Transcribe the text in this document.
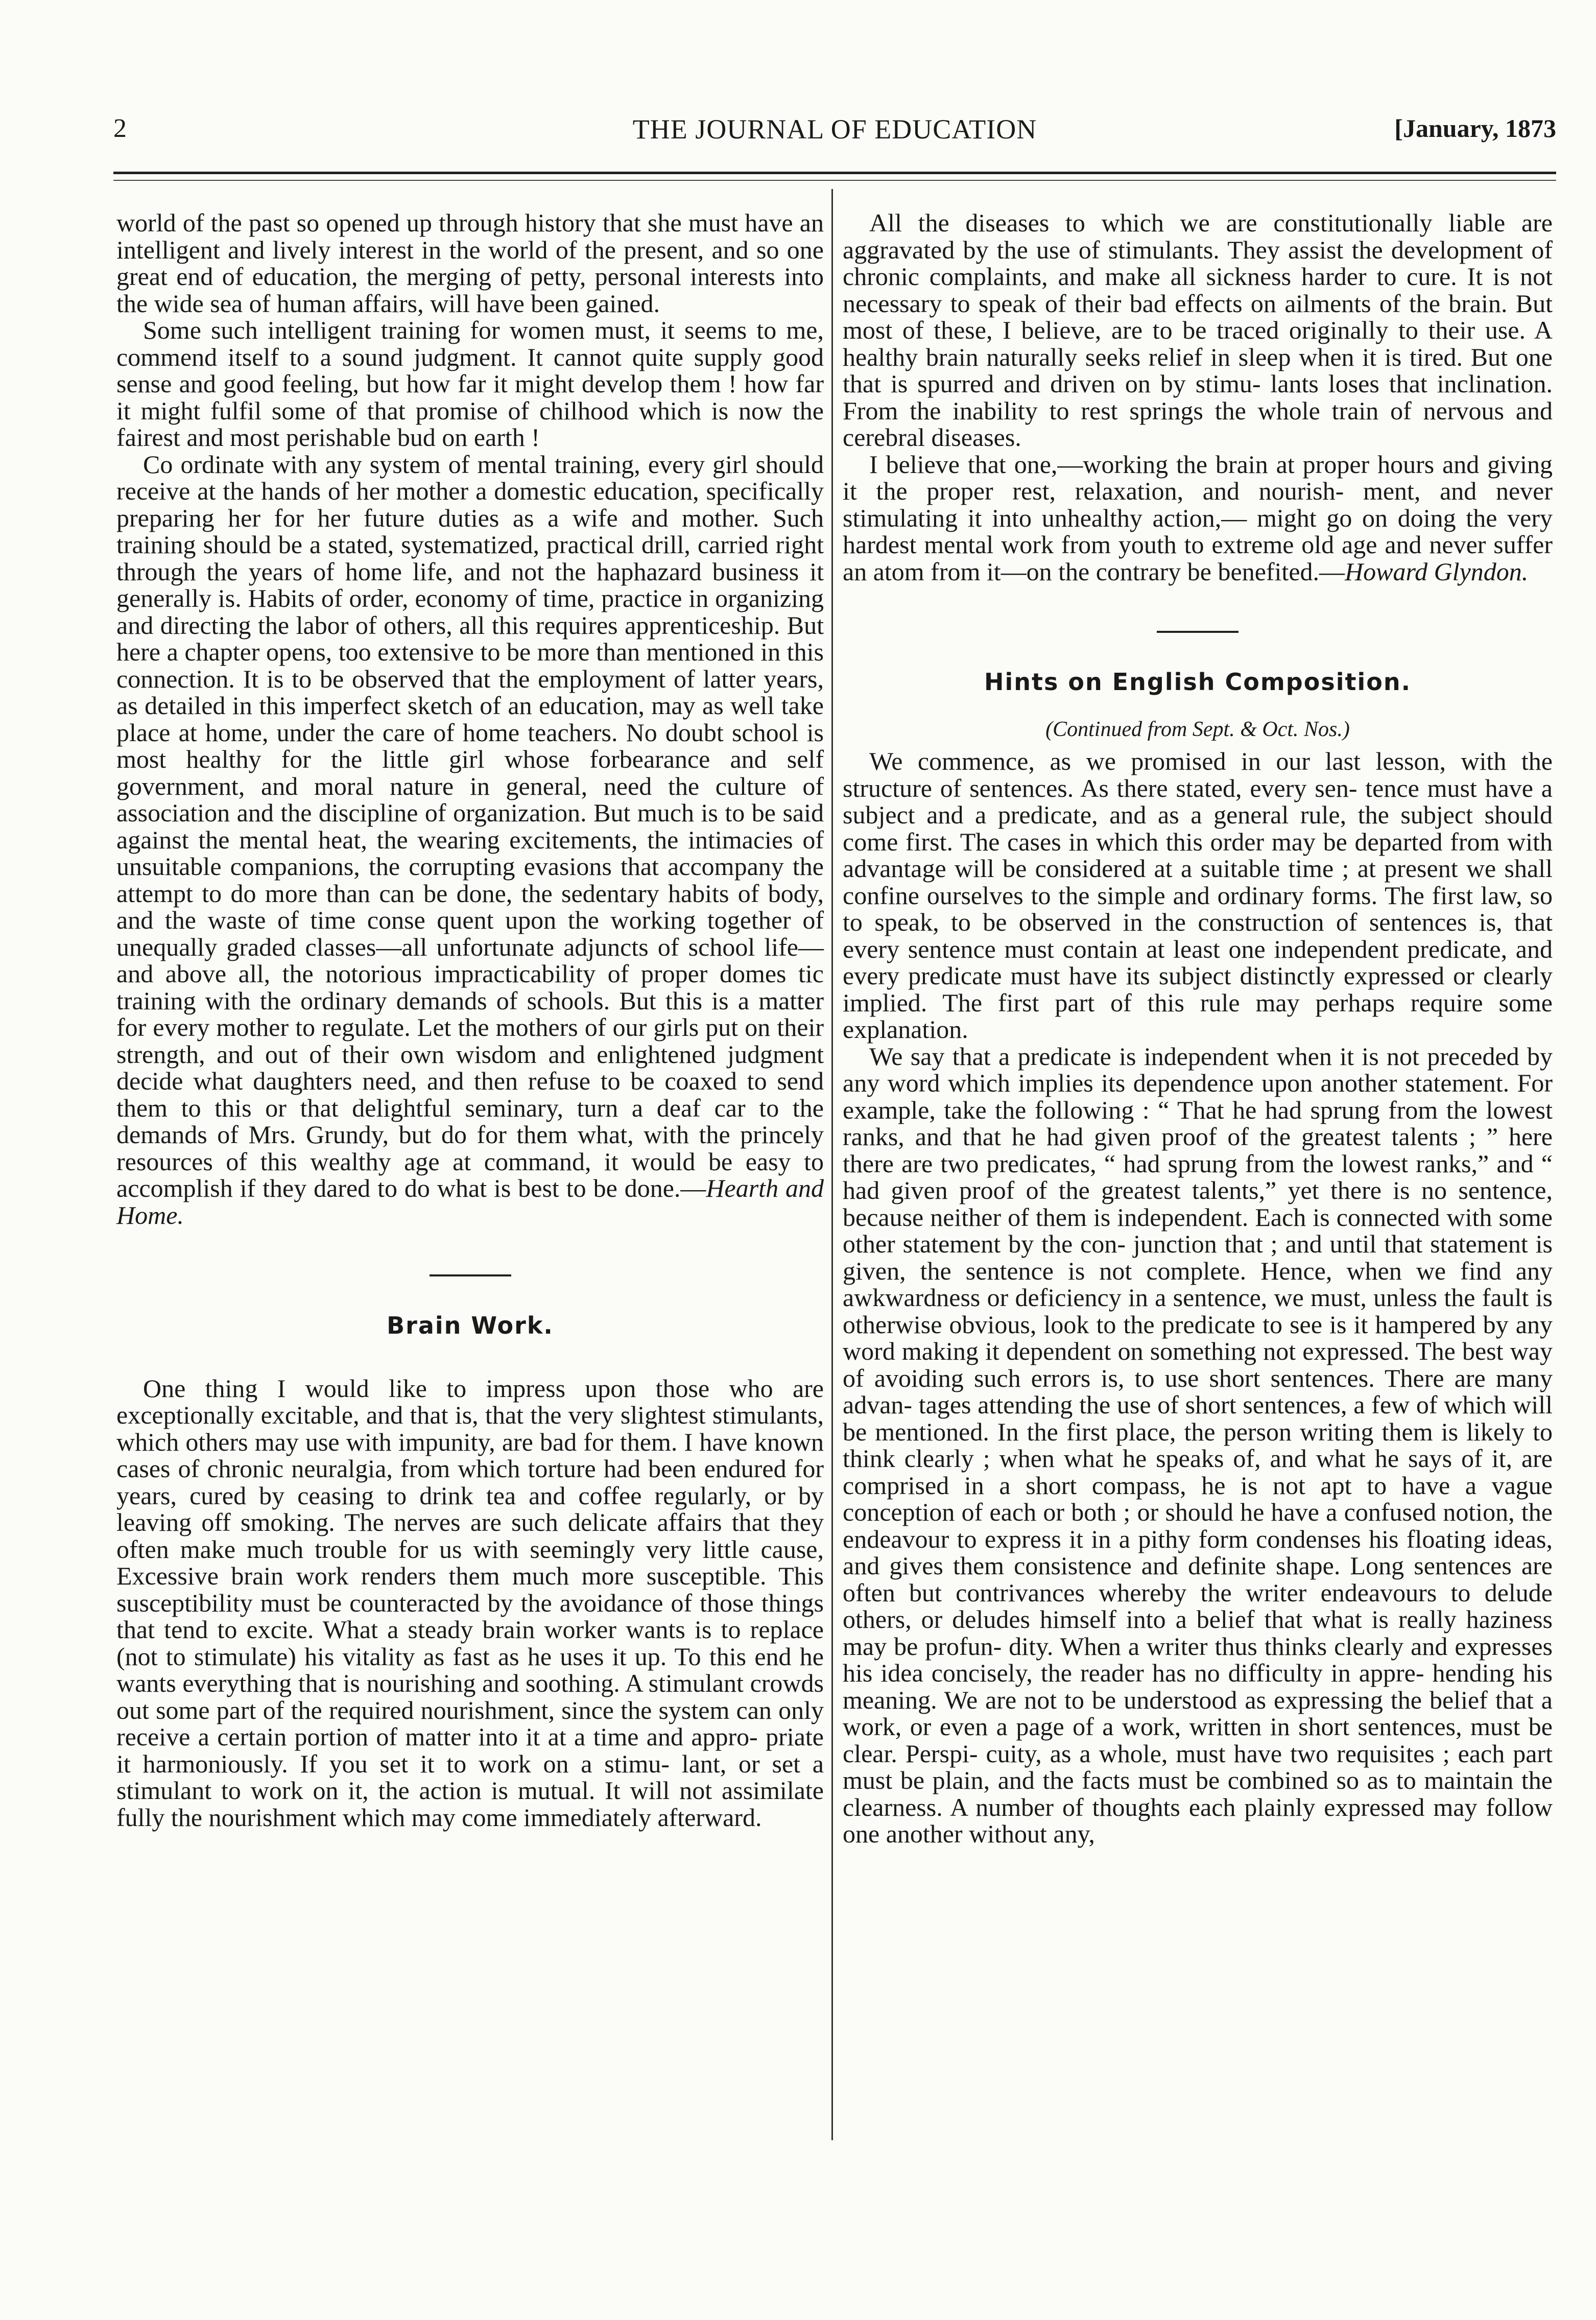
2	THE JOURNAL OF EDUCATION	[January, 1873

world of the past so opened up through history that she must have an intelligent and lively interest in the world of the present, and so one great end of education, the merging of petty, personal interests into the wide sea of human affairs, will have been gained.

Some such intelligent training for women must, it seems to me, commend itself to a sound judgment. It cannot quite supply good sense and good feeling, but how far it might develop them ! how far it might fulfil some of that promise of chilhood which is now the fairest and most perishable bud on earth !

Co ordinate with any system of mental training, every girl should receive at the hands of her mother a domestic education, specifically preparing her for her future duties as a wife and mother. Such training should be a stated, systematized, practical drill, carried right through the years of home life, and not the haphazard business it generally is. Habits of order, economy of time, practice in organizing and directing the labor of others, all this requires apprenticeship. But here a chapter opens, too extensive to be more than mentioned in this connection. It is to be observed that the employment of latter years, as detailed in this imperfect sketch of an education, may as well take place at home, under the care of home teachers. No doubt school is most healthy for the little girl whose forbearance and self government, and moral nature in general, need the culture of association and the discipline of organization. But much is to be said against the mental heat, the wearing excitements, the intimacies of unsuitable companions, the corrupting evasions that accompany the attempt to do more than can be done, the sedentary habits of body, and the waste of time conse quent upon the working together of unequally graded classes—all unfortunate adjuncts of school life—and above all, the notorious impracticability of proper domes tic training with the ordinary demands of schools. But this is a matter for every mother to regulate. Let the mothers of our girls put on their strength, and out of their own wisdom and enlightened judgment decide what daughters need, and then refuse to be coaxed to send them to this or that delightful seminary, turn a deaf car to the demands of Mrs. Grundy, but do for them what, with the princely resources of this wealthy age at command, it would be easy to accomplish if they dared to do what is best to be done.—Hearth and Home.

Brain Work.

One thing I would like to impress upon those who are exceptionally excitable, and that is, that the very slightest stimulants, which others may use with impunity, are bad for them. I have known cases of chronic neuralgia, from which torture had been endured for years, cured by ceasing to drink tea and coffee regularly, or by leaving off smoking. The nerves are such delicate affairs that they often make much trouble for us with seemingly very little cause, Excessive brain work renders them much more susceptible. This susceptibility must be counteracted by the avoidance of those things that tend to excite. What a steady brain worker wants is to replace (not to stimulate) his vitality as fast as he uses it up. To this end he wants everything that is nourishing and soothing. A stimulant crowds out some part of the required nourishment, since the system can only receive a certain portion of matter into it at a time and appro- priate it harmoniously. If you set it to work on a stimu- lant, or set a stimulant to work on it, the action is mutual. It will not assimilate fully the nourishment which may come immediately afterward.

All the diseases to which we are constitutionally liable are aggravated by the use of stimulants. They assist the development of chronic complaints, and make all sickness harder to cure. It is not necessary to speak of their bad effects on ailments of the brain. But most of these, I believe, are to be traced originally to their use. A healthy brain naturally seeks relief in sleep when it is tired. But one that is spurred and driven on by stimu- lants loses that inclination. From the inability to rest springs the whole train of nervous and cerebral diseases.

I believe that one,—working the brain at proper hours and giving it the proper rest, relaxation, and nourish- ment, and never stimulating it into unhealthy action,— might go on doing the very hardest mental work from youth to extreme old age and never suffer an atom from it—on the contrary be benefited.—Howard Glyndon.

Hints on English Composition.
(Continued from Sept. & Oct. Nos.)

We commence, as we promised in our last lesson, with the structure of sentences. As there stated, every sen- tence must have a subject and a predicate, and as a general rule, the subject should come first. The cases in which this order may be departed from with advantage will be considered at a suitable time ; at present we shall confine ourselves to the simple and ordinary forms. The first law, so to speak, to be observed in the construction of sentences is, that every sentence must contain at least one independent predicate, and every predicate must have its subject distinctly expressed or clearly implied. The first part of this rule may perhaps require some explanation.

We say that a predicate is independent when it is not preceded by any word which implies its dependence upon another statement. For example, take the following : “ That he had sprung from the lowest ranks, and that he had given proof of the greatest talents ; ” here there are two predicates, “ had sprung from the lowest ranks,” and “ had given proof of the greatest talents,” yet there is no sentence, because neither of them is independent. Each is connected with some other statement by the con- junction that ; and until that statement is given, the sentence is not complete. Hence, when we find any awkwardness or deficiency in a sentence, we must, unless the fault is otherwise obvious, look to the predicate to see is it hampered by any word making it dependent on something not expressed. The best way of avoiding such errors is, to use short sentences. There are many advan- tages attending the use of short sentences, a few of which will be mentioned. In the first place, the person writing them is likely to think clearly ; when what he speaks of, and what he says of it, are comprised in a short compass, he is not apt to have a vague conception of each or both ; or should he have a confused notion, the endeavour to express it in a pithy form condenses his floating ideas, and gives them consistence and definite shape. Long sentences are often but contrivances whereby the writer endeavours to delude others, or deludes himself into a belief that what is really haziness may be profun- dity. When a writer thus thinks clearly and expresses his idea concisely, the reader has no difficulty in appre- hending his meaning. We are not to be understood as expressing the belief that a work, or even a page of a work, written in short sentences, must be clear. Perspi- cuity, as a whole, must have two requisites ; each part must be plain, and the facts must be combined so as to maintain the clearness. A number of thoughts each plainly expressed may follow one another without any,
